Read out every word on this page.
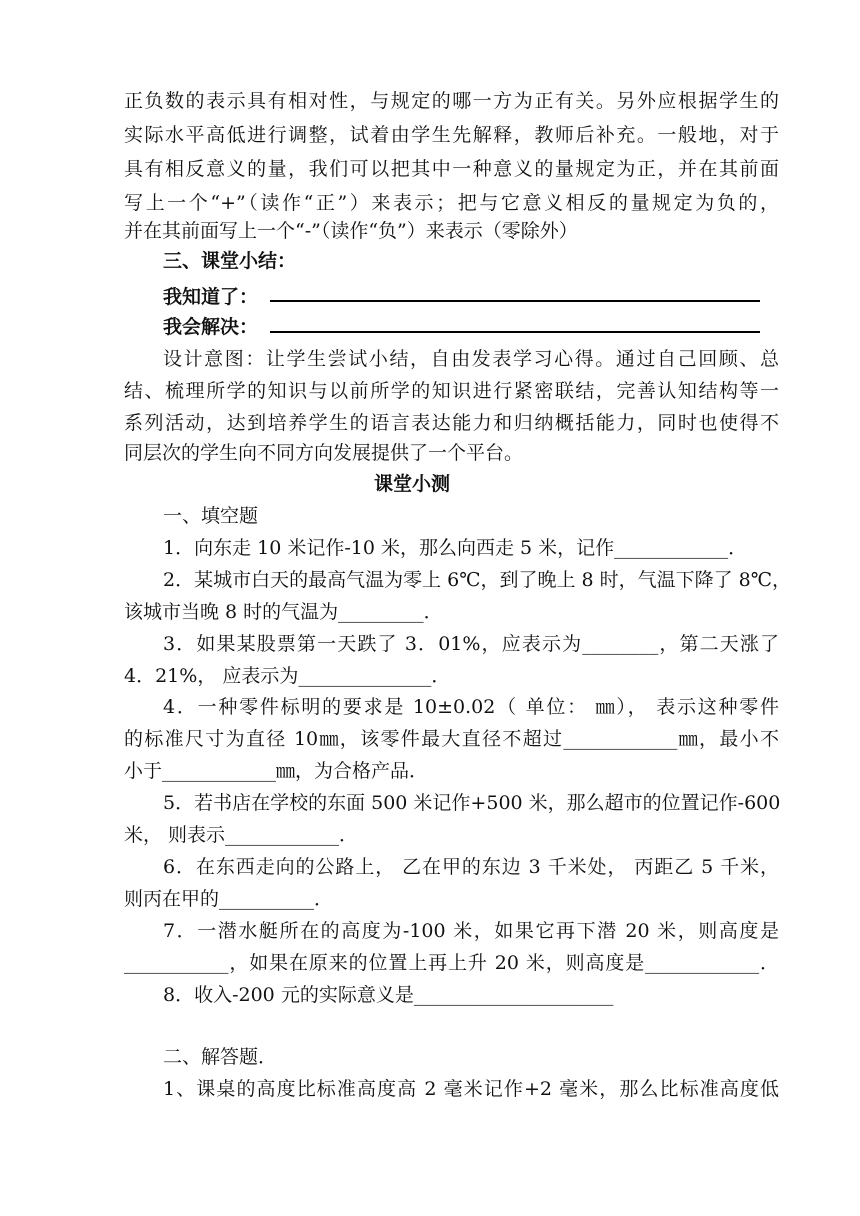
正负数的表示具有相对性，与规定的哪一方为正有关。另外应根据学生的
实际水平高低进行调整，试着由学生先解释，教师后补充。一般地，对于
具有相反意义的量，我们可以把其中一种意义的量规定为正，并在其前面
写上一个“+”（读作“正”）来表示；把与它意义相反的量规定为负的，
并在其前面写上一个“-”（读作“负”）来表示（零除外）
三、课堂小结：
我知道了：
我会解决：
设计意图：让学生尝试小结，自由发表学习心得。通过自己回顾、总
结、梳理所学的知识与以前所学的知识进行紧密联结，完善认知结构等一
系列活动，达到培养学生的语言表达能力和归纳概括能力，同时也使得不
同层次的学生向不同方向发展提供了一个平台。
课堂小测
一、填空题
1．向东走 10 米记作-10 米，那么向西走 5 米，记作____________．
2．某城市白天的最高气温为零上 6℃，到了晚上 8 时，气温下降了 8℃，
该城市当晚 8 时的气温为_________．
3．如果某股票第一天跌了 3．01%，应表示为________，第二天涨了
4．21%， 应表示为______________．
4．一种零件标明的要求是 10±0.02（ 单位： ㎜）， 表示这种零件
的标准尺寸为直径 10㎜，该零件最大直径不超过____________㎜，最小不
小于____________㎜，为合格产品．
5．若书店在学校的东面 500 米记作+500 米，那么超市的位置记作-600
米， 则表示____________．
6．在东西走向的公路上， 乙在甲的东边 3 千米处， 丙距乙 5 千米，
则丙在甲的__________．
7．一潜水艇所在的高度为-100 米，如果它再下潜 20 米，则高度是
___________，如果在原来的位置上再上升 20 米，则高度是____________．
8．收入-200 元的实际意义是_____________________
二、解答题．
1、课桌的高度比标准高度高 2 毫米记作+2 毫米，那么比标准高度低
